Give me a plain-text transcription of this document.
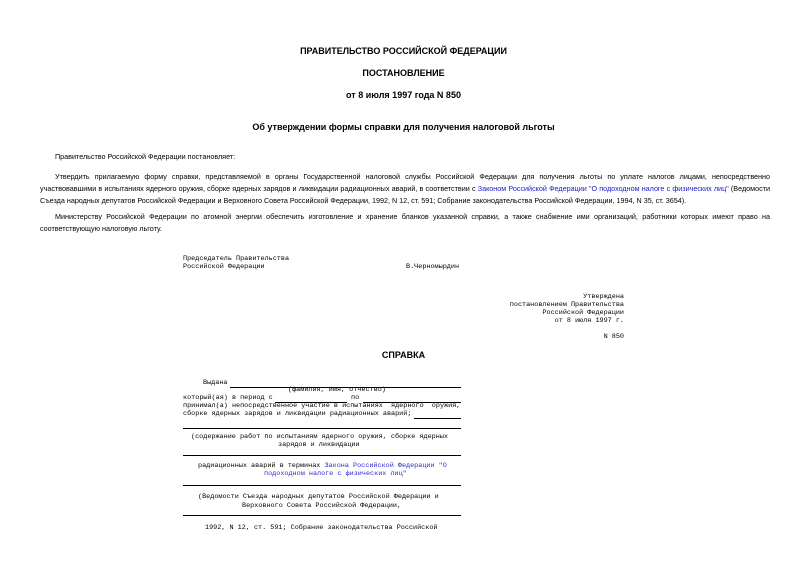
ПРАВИТЕЛЬСТВО РОССИЙСКОЙ ФЕДЕРАЦИИ
ПОСТАНОВЛЕНИЕ
от 8 июля 1997 года N 850
Об утверждении формы справки для получения налоговой льготы
Правительство Российской Федерации постановляет:
Утвердить прилагаемую форму справки, представляемой в органы Государственной налоговой службы Российской Федерации для получения льготы по уплате налогов лицами, непосредственно участвовавшими в испытаниях ядерного оружия, сборке ядерных зарядов и ликвидации радиационных аварий, в соответствии с Законом Российской Федерации "О подоходном налоге с физических лиц" (Ведомости Съезда народных депутатов Российской Федерации и Верховного Совета Российской Федерации, 1992, N 12, ст. 591; Собрание законодательства Российской Федерации, 1994, N 35, ст. 3654).
Министерству Российской Федерации по атомной энергии обеспечить изготовление и хранение бланков указанной справки, а также снабжение ими организаций, работники которых имеют право на соответствующую налоговую льготу.
Председатель Правительства
Российской Федерации	В.Черномырдин
Утверждена
постановлением Правительства
Российской Федерации
от 8 июля 1997 г.
N 850
СПРАВКА
Выдана
(фамилия, имя, отчество)
который(ая) в период с	по
принимал(а) непосредственное участие в испытаниях  ядерного  оружия,
сборке ядерных зарядов и ликвидации радиационных аварий;
(содержание работ по испытаниям ядерного оружия, сборке ядерных
зарядов и ликвидации
радиационных аварий в терминах Закона Российской Федерации "О
подоходном налоге с физических лиц"
(Ведомости Съезда народных депутатов Российской Федерации и
Верховного Совета Российской Федерации,
1992, N 12, ст. 591; Собрание законодательства Российской
